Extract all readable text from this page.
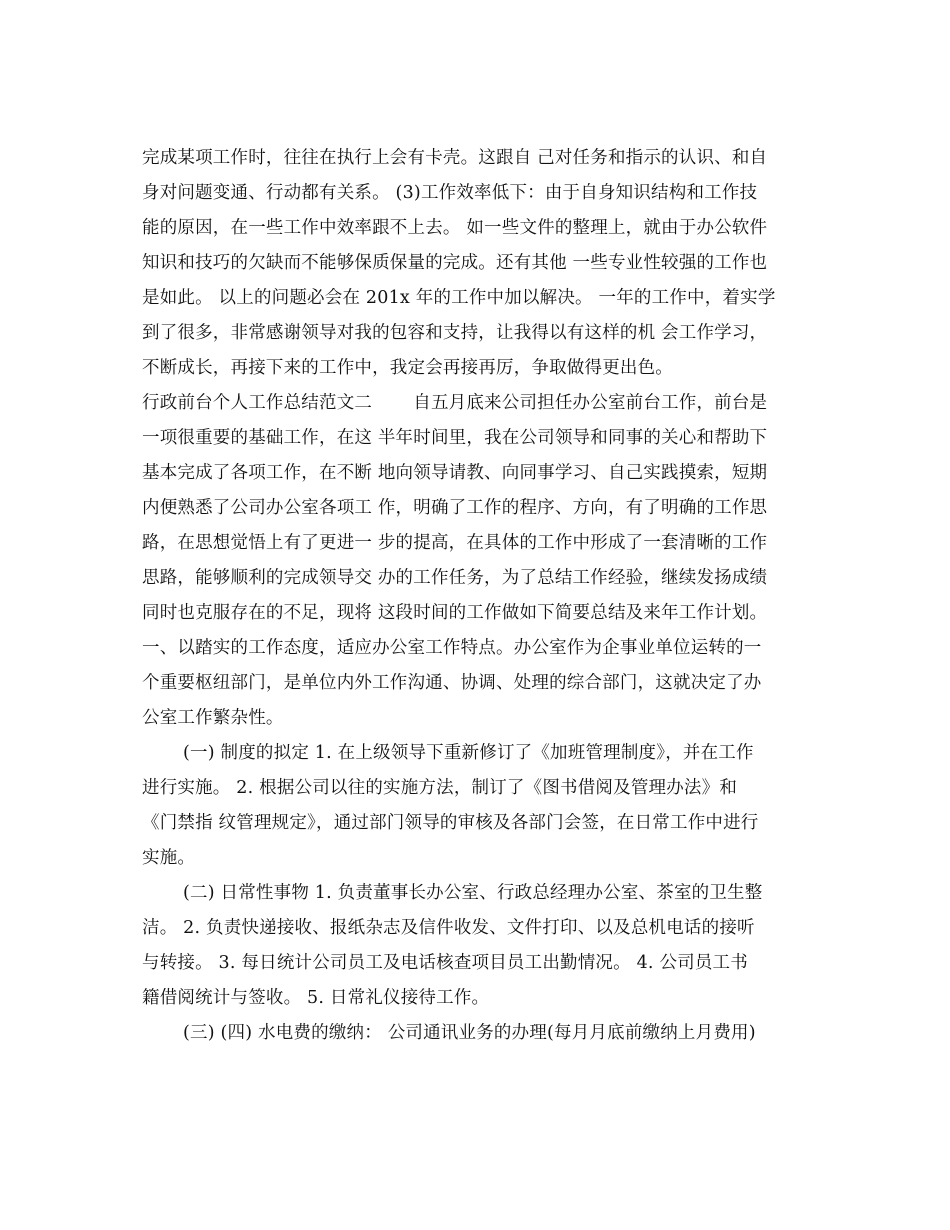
完成某项工作时，往往在执行上会有卡壳。这跟自 己对任务和指示的认识、和自
身对问题变通、行动都有关系。 (3)工作效率低下：由于自身知识结构和工作技
能的原因，在一些工作中效率跟不上去。 如一些文件的整理上，就由于办公软件
知识和技巧的欠缺而不能够保质保量的完成。还有其他 一些专业性较强的工作也
是如此。 以上的问题必会在 201x 年的工作中加以解决。 一年的工作中，着实学
到了很多，非常感谢领导对我的包容和支持，让我得以有这样的机 会工作学习，
不断成长，再接下来的工作中，我定会再接再厉，争取做得更出色。
行政前台个人工作总结范文二 　　自五月底来公司担任办公室前台工作，前台是
一项很重要的基础工作，在这 半年时间里，我在公司领导和同事的关心和帮助下
基本完成了各项工作，在不断 地向领导请教、向同事学习、自己实践摸索，短期
内便熟悉了公司办公室各项工 作，明确了工作的程序、方向，有了明确的工作思
路，在思想觉悟上有了更进一 步的提高，在具体的工作中形成了一套清晰的工作
思路，能够顺利的完成领导交 办的工作任务，为了总结工作经验，继续发扬成绩
同时也克服存在的不足，现将 这段时间的工作做如下简要总结及来年工作计划。
一、以踏实的工作态度，适应办公室工作特点。办公室作为企事业单位运转的一
个重要枢纽部门，是单位内外工作沟通、协调、处理的综合部门，这就决定了办
公室工作繁杂性。
(一) 制度的拟定 1. 在上级领导下重新修订了《加班管理制度》，并在工作
进行实施。 2. 根据公司以往的实施方法，制订了《图书借阅及管理办法》和
《门禁指 纹管理规定》，通过部门领导的审核及各部门会签，在日常工作中进行
实施。
(二) 日常性事物 1. 负责董事长办公室、行政总经理办公室、茶室的卫生整
洁。 2. 负责快递接收、报纸杂志及信件收发、文件打印、以及总机电话的接听
与转接。 3. 每日统计公司员工及电话核查项目员工出勤情况。 4. 公司员工书
籍借阅统计与签收。 5. 日常礼仪接待工作。
(三) (四) 水电费的缴纳： 公司通讯业务的办理(每月月底前缴纳上月费用)
